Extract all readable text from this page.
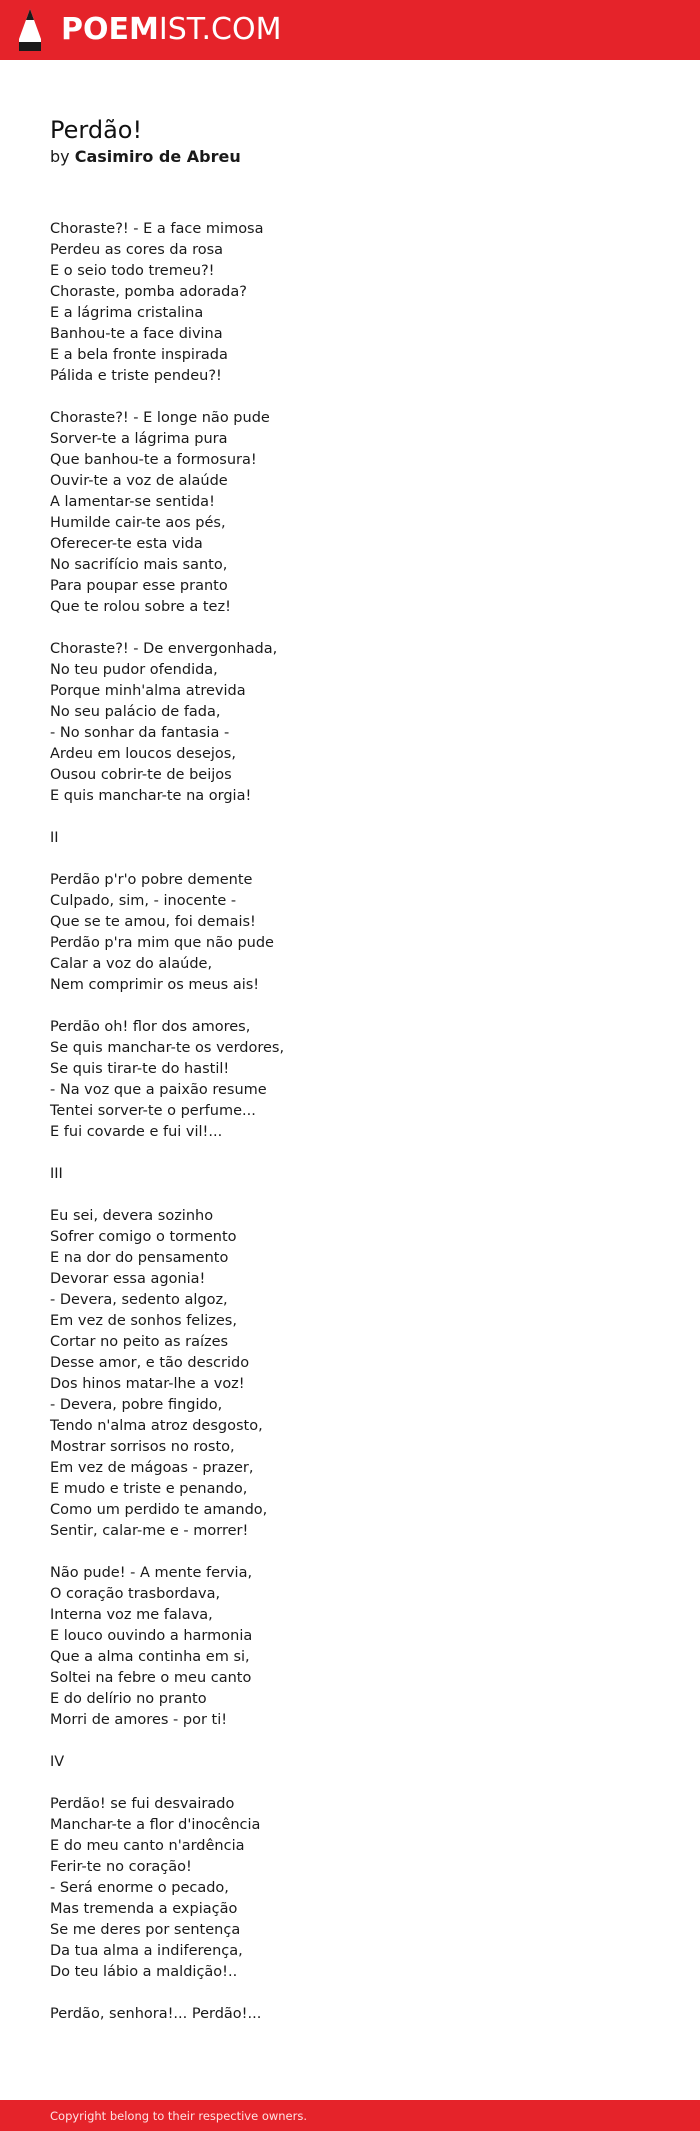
POEMIST.COM
Perdão!
by Casimiro de Abreu
Choraste?! - E a face mimosa
Perdeu as cores da rosa
E o seio todo tremeu?!
Choraste, pomba adorada?
E a lágrima cristalina
Banhou-te a face divina
E a bela fronte inspirada
Pálida e triste pendeu?!
Choraste?! - E longe não pude
Sorver-te a lágrima pura
Que banhou-te a formosura!
Ouvir-te a voz de alaúde
A lamentar-se sentida!
Humilde cair-te aos pés,
Oferecer-te esta vida
No sacrifício mais santo,
Para poupar esse pranto
Que te rolou sobre a tez!
Choraste?! - De envergonhada,
No teu pudor ofendida,
Porque minh'alma atrevida
No seu palácio de fada,
- No sonhar da fantasia -
Ardeu em loucos desejos,
Ousou cobrir-te de beijos
E quis manchar-te na orgia!
II
Perdão p'r'o pobre demente
Culpado, sim, - inocente -
Que se te amou, foi demais!
Perdão p'ra mim que não pude
Calar a voz do alaúde,
Nem comprimir os meus ais!
Perdão oh! flor dos amores,
Se quis manchar-te os verdores,
Se quis tirar-te do hastil!
- Na voz que a paixão resume
Tentei sorver-te o perfume...
E fui covarde e fui vil!...
III
Eu sei, devera sozinho
Sofrer comigo o tormento
E na dor do pensamento
Devorar essa agonia!
- Devera, sedento algoz,
Em vez de sonhos felizes,
Cortar no peito as raízes
Desse amor, e tão descrido
Dos hinos matar-lhe a voz!
- Devera, pobre fingido,
Tendo n'alma atroz desgosto,
Mostrar sorrisos no rosto,
Em vez de mágoas - prazer,
E mudo e triste e penando,
Como um perdido te amando,
Sentir, calar-me e - morrer!
Não pude! - A mente fervia,
O coração trasbordava,
Interna voz me falava,
E louco ouvindo a harmonia
Que a alma continha em si,
Soltei na febre o meu canto
E do delírio no pranto
Morri de amores - por ti!
IV
Perdão! se fui desvairado
Manchar-te a flor d'inocência
E do meu canto n'ardência
Ferir-te no coração!
- Será enorme o pecado,
Mas tremenda a expiação
Se me deres por sentença
Da tua alma a indiferença,
Do teu lábio a maldição!..
Perdão, senhora!... Perdão!...
Copyright belong to their respective owners.
